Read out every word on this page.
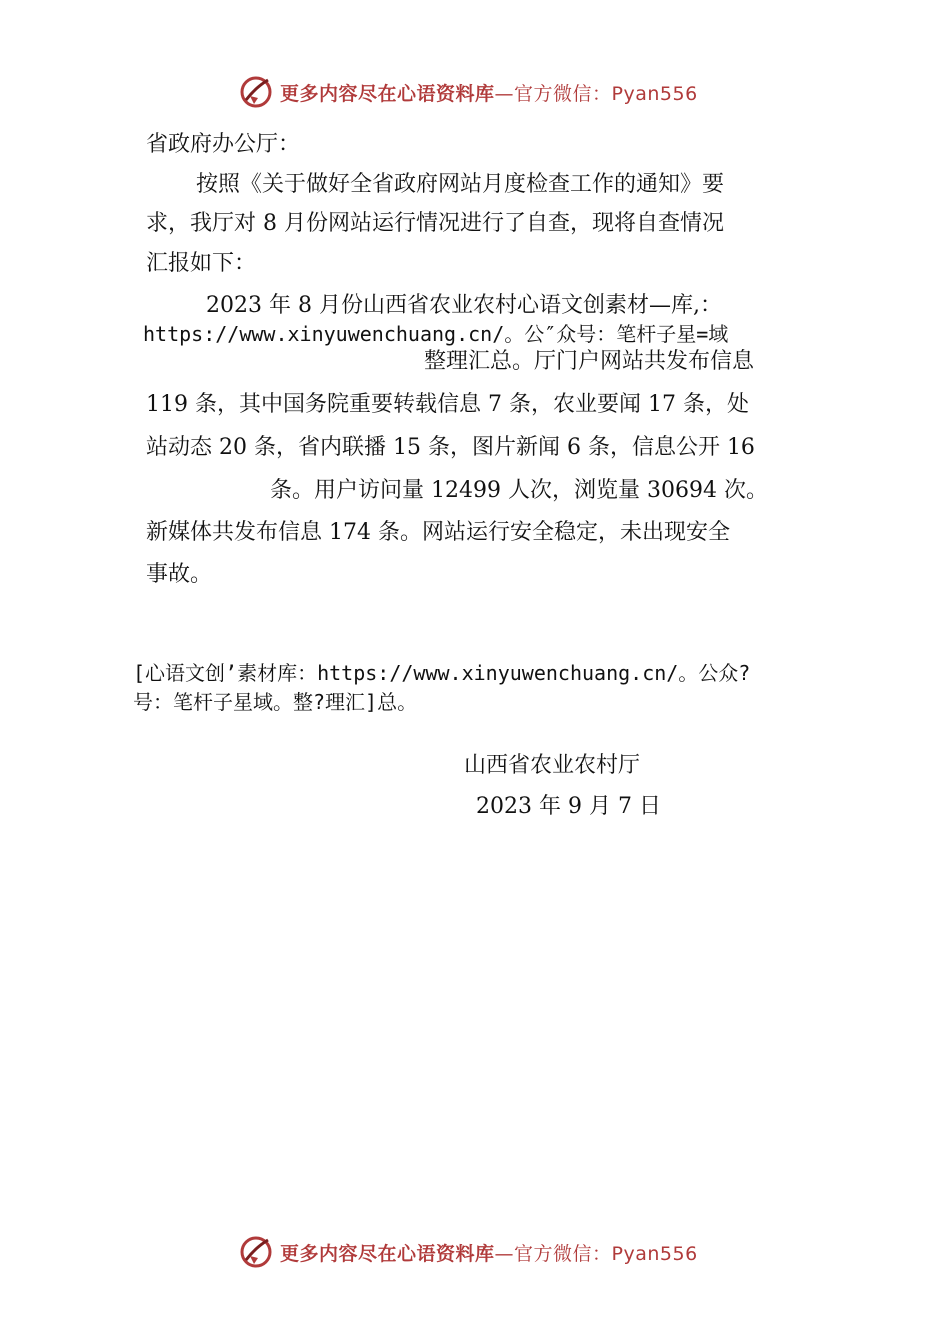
更多内容尽在心语资料库—官方微信：Pyan556
省政府办公厅：
按照《关于做好全省政府网站月度检查工作的通知》要
求，我厅对 8 月份网站运行情况进行了自查，现将自查情况
汇报如下：
2023 年 8 月份山西省农业农村心语文创素材—库,：
https://www.xinyuwenchuang.cn/。公″众号：笔杆子星=域
整理汇总。厅门户网站共发布信息
119 条，其中国务院重要转载信息 7 条，农业要闻 17 条，处
站动态 20 条，省内联播 15 条，图片新闻 6 条，信息公开 16
条。用户访问量 12499 人次，浏览量 30694 次。
新媒体共发布信息 174 条。网站运行安全稳定，未出现安全
事故。
[心语文创’素材库：https://www.xinyuwenchuang.cn/。公众?
号：笔杆子星域。整?理汇]总。
山西省农业农村厅
2023 年 9 月 7 日
更多内容尽在心语资料库—官方微信：Pyan556
